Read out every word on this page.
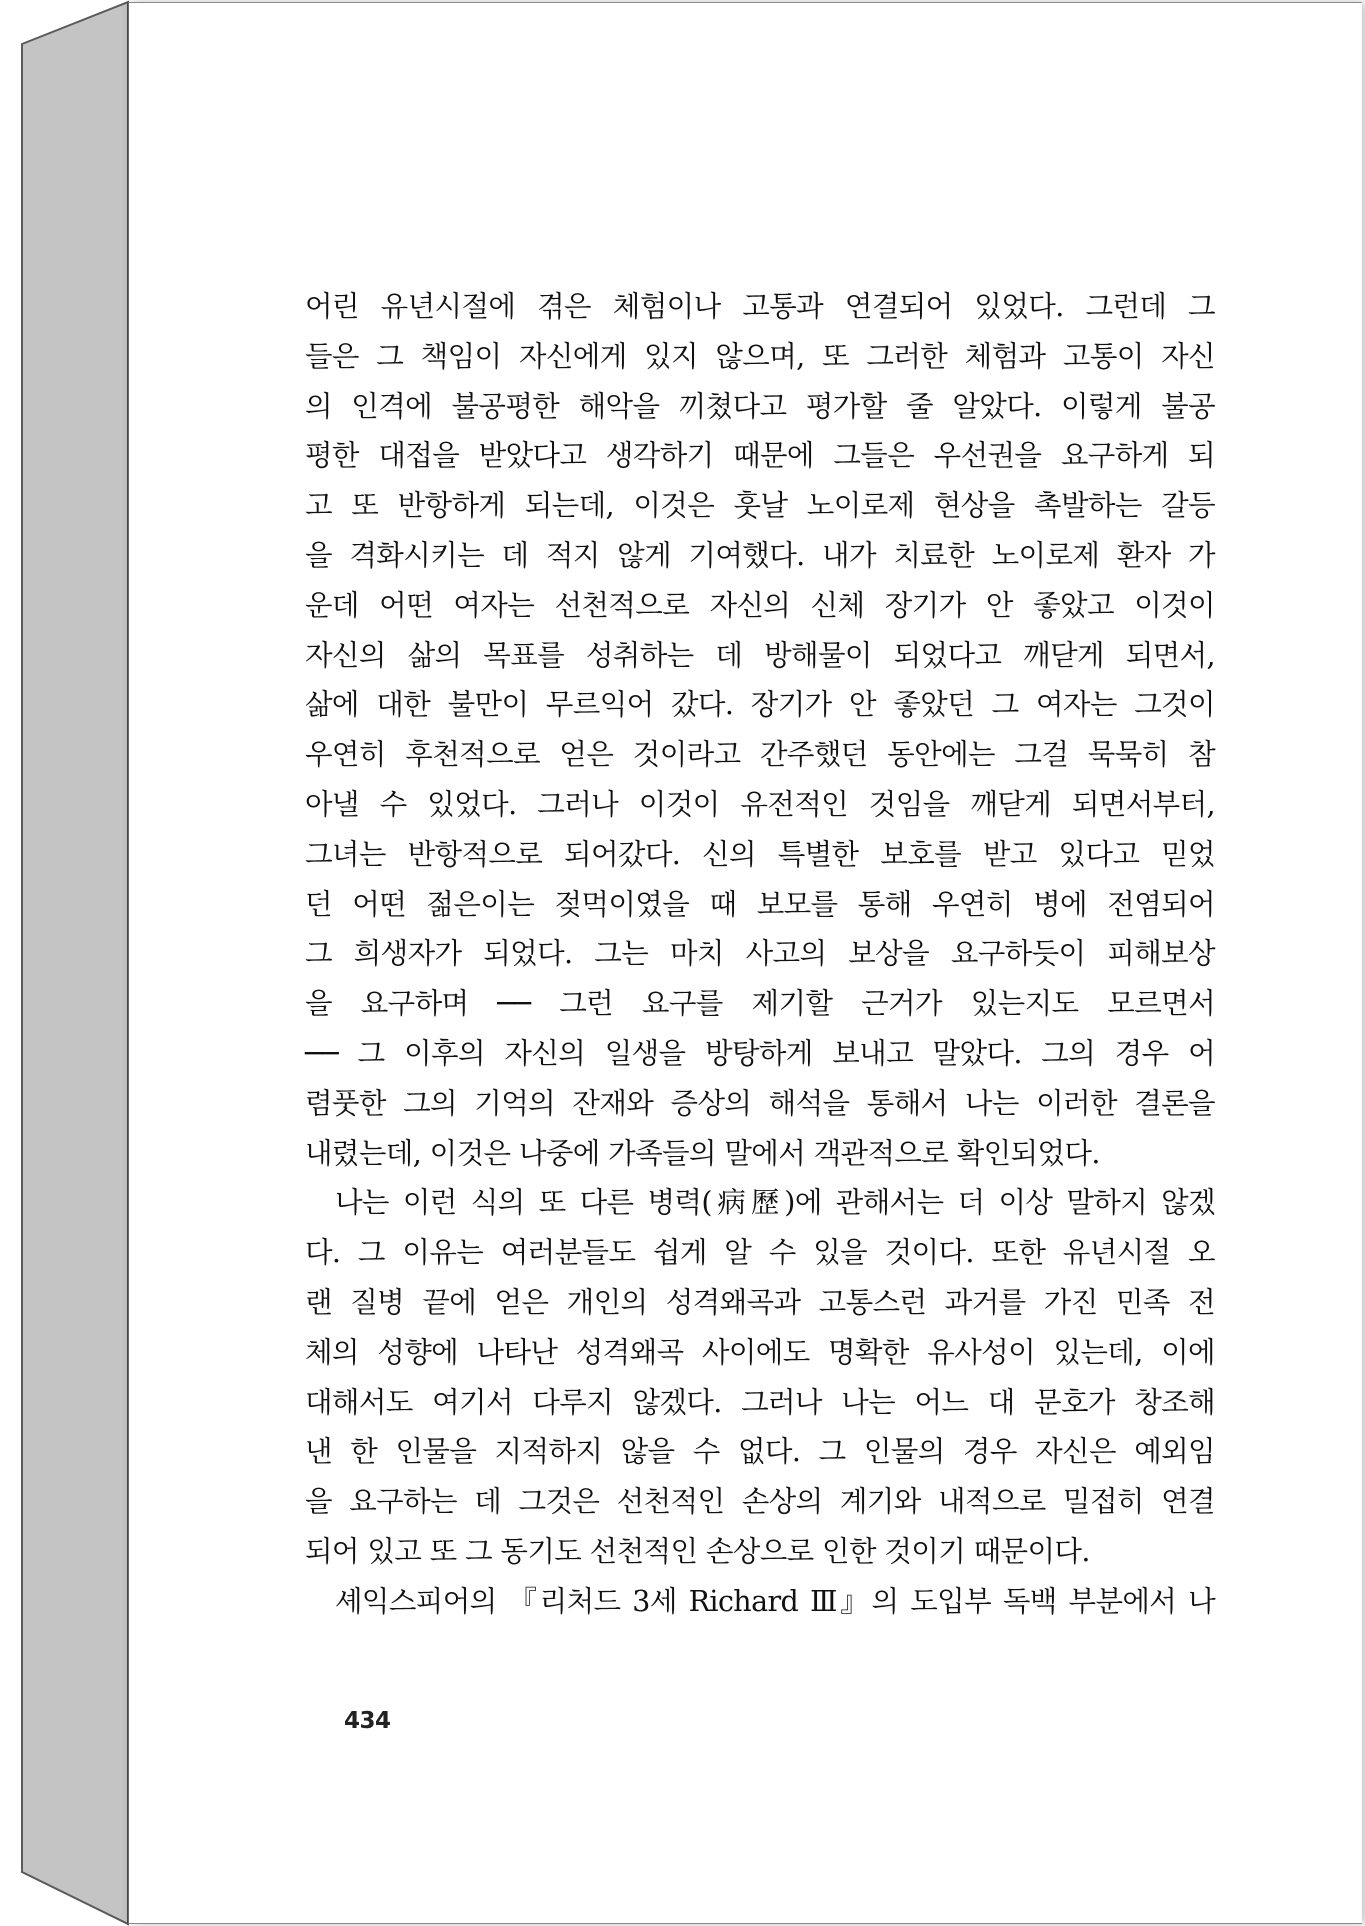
어린 유년시절에 겪은 체험이나 고통과 연결되어 있었다. 그런데 그
들은 그 책임이 자신에게 있지 않으며, 또 그러한 체험과 고통이 자신
의 인격에 불공평한 해악을 끼쳤다고 평가할 줄 알았다. 이렇게 불공
평한 대접을 받았다고 생각하기 때문에 그들은 우선권을 요구하게 되
고 또 반항하게 되는데, 이것은 훗날 노이로제 현상을 촉발하는 갈등
을 격화시키는 데 적지 않게 기여했다. 내가 치료한 노이로제 환자 가
운데 어떤 여자는 선천적으로 자신의 신체 장기가 안 좋았고 이것이
자신의 삶의 목표를 성취하는 데 방해물이 되었다고 깨닫게 되면서,
삶에 대한 불만이 무르익어 갔다. 장기가 안 좋았던 그 여자는 그것이
우연히 후천적으로 얻은 것이라고 간주했던 동안에는 그걸 묵묵히 참
아낼 수 있었다. 그러나 이것이 유전적인 것임을 깨닫게 되면서부터,
그녀는 반항적으로 되어갔다. 신의 특별한 보호를 받고 있다고 믿었
던 어떤 젊은이는 젖먹이였을 때 보모를 통해 우연히 병에 전염되어
그 희생자가 되었다. 그는 마치 사고의 보상을 요구하듯이 피해보상
을 요구하며 ── 그런 요구를 제기할 근거가 있는지도 모르면서
── 그 이후의 자신의 일생을 방탕하게 보내고 말았다. 그의 경우 어
렴풋한 그의 기억의 잔재와 증상의 해석을 통해서 나는 이러한 결론을
내렸는데, 이것은 나중에 가족들의 말에서 객관적으로 확인되었다.
나는 이런 식의 또 다른 병력(病歷)에 관해서는 더 이상 말하지 않겠
다. 그 이유는 여러분들도 쉽게 알 수 있을 것이다. 또한 유년시절 오
랜 질병 끝에 얻은 개인의 성격왜곡과 고통스런 과거를 가진 민족 전
체의 성향에 나타난 성격왜곡 사이에도 명확한 유사성이 있는데, 이에
대해서도 여기서 다루지 않겠다. 그러나 나는 어느 대 문호가 창조해
낸 한 인물을 지적하지 않을 수 없다. 그 인물의 경우 자신은 예외임
을 요구하는 데 그것은 선천적인 손상의 계기와 내적으로 밀접히 연결
되어 있고 또 그 동기도 선천적인 손상으로 인한 것이기 때문이다.
셰익스피어의 『리처드 3세 Richard Ⅲ』의 도입부 독백 부분에서 나
434
